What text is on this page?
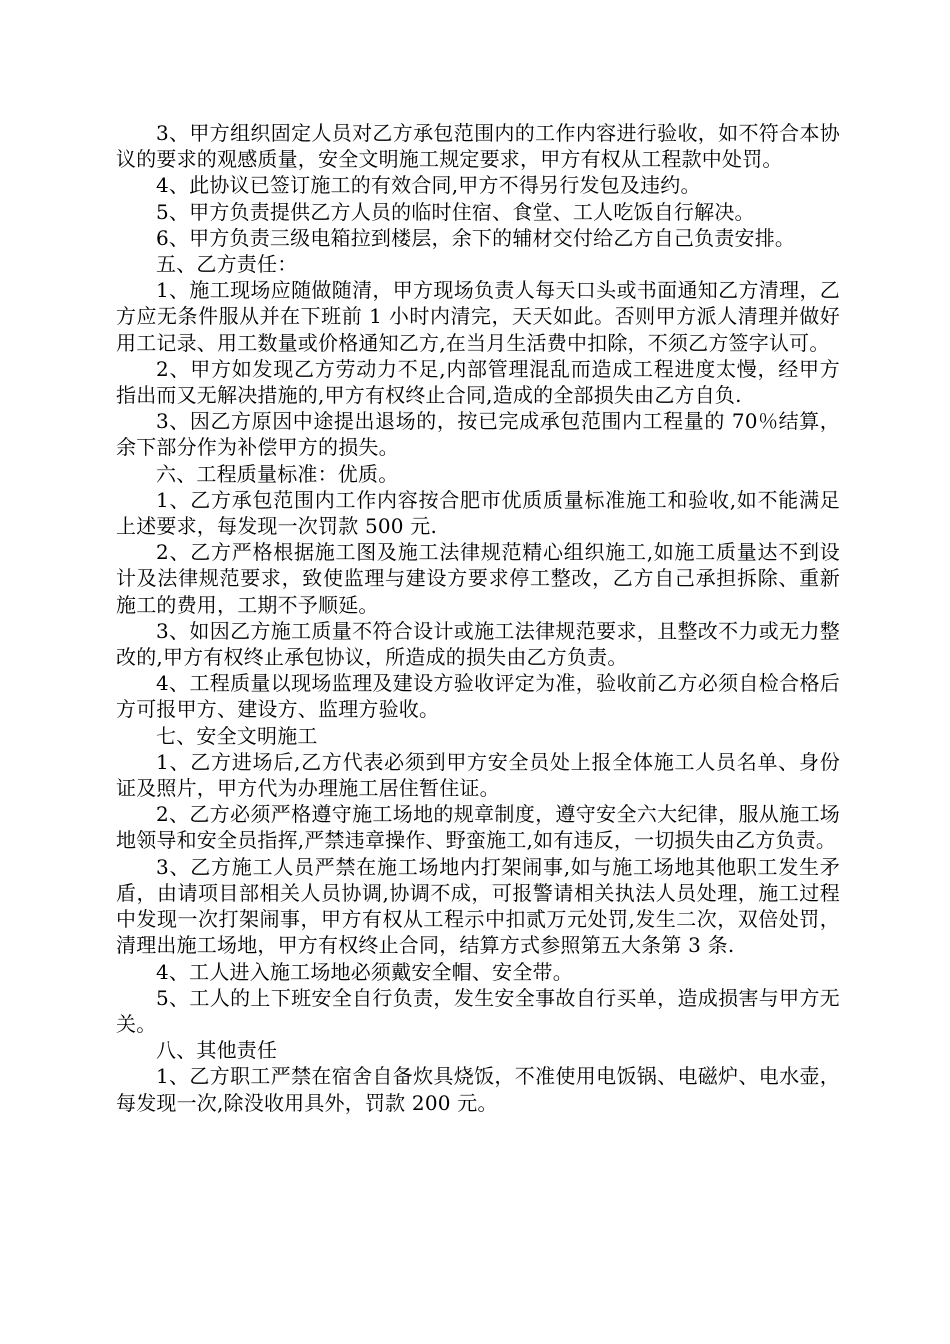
3、甲方组织固定人员对乙方承包范围内的工作内容进行验收，如不符合本协议的要求的观感质量，安全文明施工规定要求，甲方有权从工程款中处罚。

4、此协议已签订施工的有效合同,甲方不得另行发包及违约。

5、甲方负责提供乙方人员的临时住宿、食堂、工人吃饭自行解决。

6、甲方负责三级电箱拉到楼层，余下的辅材交付给乙方自己负责安排。

五、乙方责任：

1、施工现场应随做随清，甲方现场负责人每天口头或书面通知乙方清理，乙方应无条件服从并在下班前 1 小时内清完，天天如此。否则甲方派人清理并做好用工记录、用工数量或价格通知乙方,在当月生活费中扣除，不须乙方签字认可。

2、甲方如发现乙方劳动力不足,内部管理混乱而造成工程进度太慢，经甲方指出而又无解决措施的,甲方有权终止合同,造成的全部损失由乙方自负.

3、因乙方原因中途提出退场的，按已完成承包范围内工程量的 70％结算，余下部分作为补偿甲方的损失。

六、工程质量标准：优质。

1、乙方承包范围内工作内容按合肥市优质质量标准施工和验收,如不能满足上述要求，每发现一次罚款 500 元.

2、乙方严格根据施工图及施工法律规范精心组织施工,如施工质量达不到设计及法律规范要求，致使监理与建设方要求停工整改，乙方自己承担拆除、重新施工的费用，工期不予顺延。

3、如因乙方施工质量不符合设计或施工法律规范要求，且整改不力或无力整改的,甲方有权终止承包协议，所造成的损失由乙方负责。

4、工程质量以现场监理及建设方验收评定为准，验收前乙方必须自检合格后方可报甲方、建设方、监理方验收。

七、安全文明施工

1、乙方进场后,乙方代表必须到甲方安全员处上报全体施工人员名单、身份证及照片，甲方代为办理施工居住暂住证。

2、乙方必须严格遵守施工场地的规章制度，遵守安全六大纪律，服从施工场地领导和安全员指挥,严禁违章操作、野蛮施工,如有违反，一切损失由乙方负责。

3、乙方施工人员严禁在施工场地内打架闹事,如与施工场地其他职工发生矛盾，由请项目部相关人员协调,协调不成，可报警请相关执法人员处理，施工过程中发现一次打架闹事，甲方有权从工程示中扣贰万元处罚,发生二次，双倍处罚，清理出施工场地，甲方有权终止合同，结算方式参照第五大条第 3 条.

4、工人进入施工场地必须戴安全帽、安全带。

5、工人的上下班安全自行负责，发生安全事故自行买单，造成损害与甲方无关。

八、其他责任

1、乙方职工严禁在宿舍自备炊具烧饭，不准使用电饭锅、电磁炉、电水壶，每发现一次,除没收用具外，罚款 200 元。
